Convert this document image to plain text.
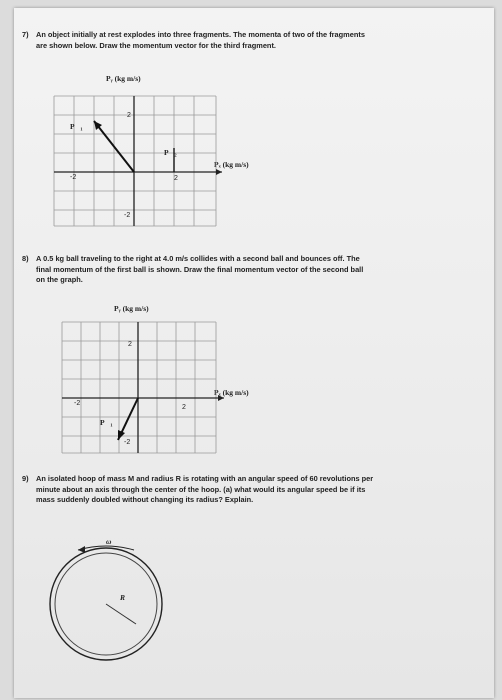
7) An object initially at rest explodes into three fragments. The momenta of two of the fragments
are shown below. Draw the momentum vector for the third fragment.
Pᵧ (kg m/s)
Pₓ (kg m/s)
2
-2
2
-2
P⃗₁
P⃗₂
8) A 0.5 kg ball traveling to the right at 4.0 m/s collides with a second ball and bounces off. The
final momentum of the first ball is shown. Draw the final momentum vector of the second ball
on the graph.
Pᵧ (kg m/s)
Pₓ (kg m/s)
2
-2
2
-2
P⃗₁
9) An isolated hoop of mass M and radius R is rotating with an angular speed of 60 revolutions per
minute about an axis through the center of the hoop. (a) what would its angular speed be if its
mass suddenly doubled without changing its radius? Explain.
ω
R
